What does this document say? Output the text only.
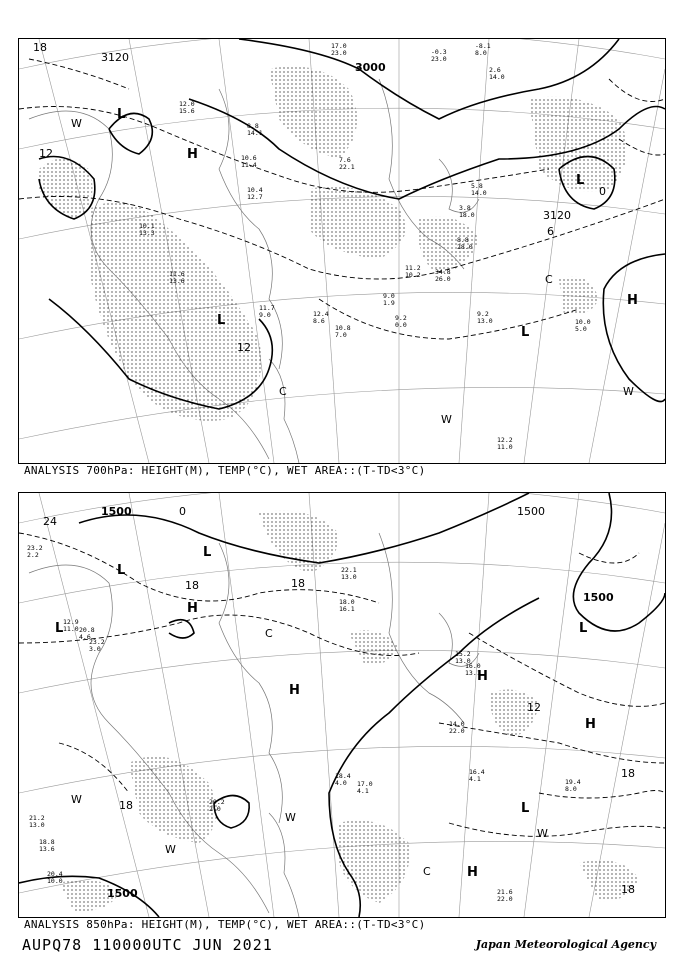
3120
3000
3120
12
12
6
0
18
L
H
L
L
L
H
C
W
W
W
C
17.0
23.0	-0.3
23.0
-8.1
8.0
2.6
14.0
12.0
15.6
8.8
14.1
10.6
11.4
10.4
12.7
7.6
22.1
5.8
14.0
3.8
18.0
8.8
28.0
11.2
10.2 34.8
26.0
9.0
1.9
9.2
0.0
9.2
13.0	10.0
5.0
12.4
8.6
10.8
7.0
11.7
9.0
12.2
11.0
10.1
13.3
11.6
13.6
ANALYSIS 700hPa: HEIGHT(M), TEMP(°C), WET AREA::(T-TD<3°C)
1500
1500
1500
1500
24
18	18
18
18
12
18
0
L
L
H
C
H
H
L
H
L
H
C
W
W
W
W
L
23.2
2.2
12.9
11.0 20.8
4.6
23.2
3.0
18.0
16.1
22.1
13.0
15.2
13.0
16.0
13.1
14.0
22.0
16.4
4.1	19.4
8.0
21.6
22.0
18.4
4.0	17.0
4.1
20.2
2.0
21.2
13.0
18.8
13.6
20.4
10.0
ANALYSIS 850hPa: HEIGHT(M), TEMP(°C), WET AREA::(T-TD<3°C)
AUPQ78 110000UTC JUN 2021	Japan Meteorological Agency
